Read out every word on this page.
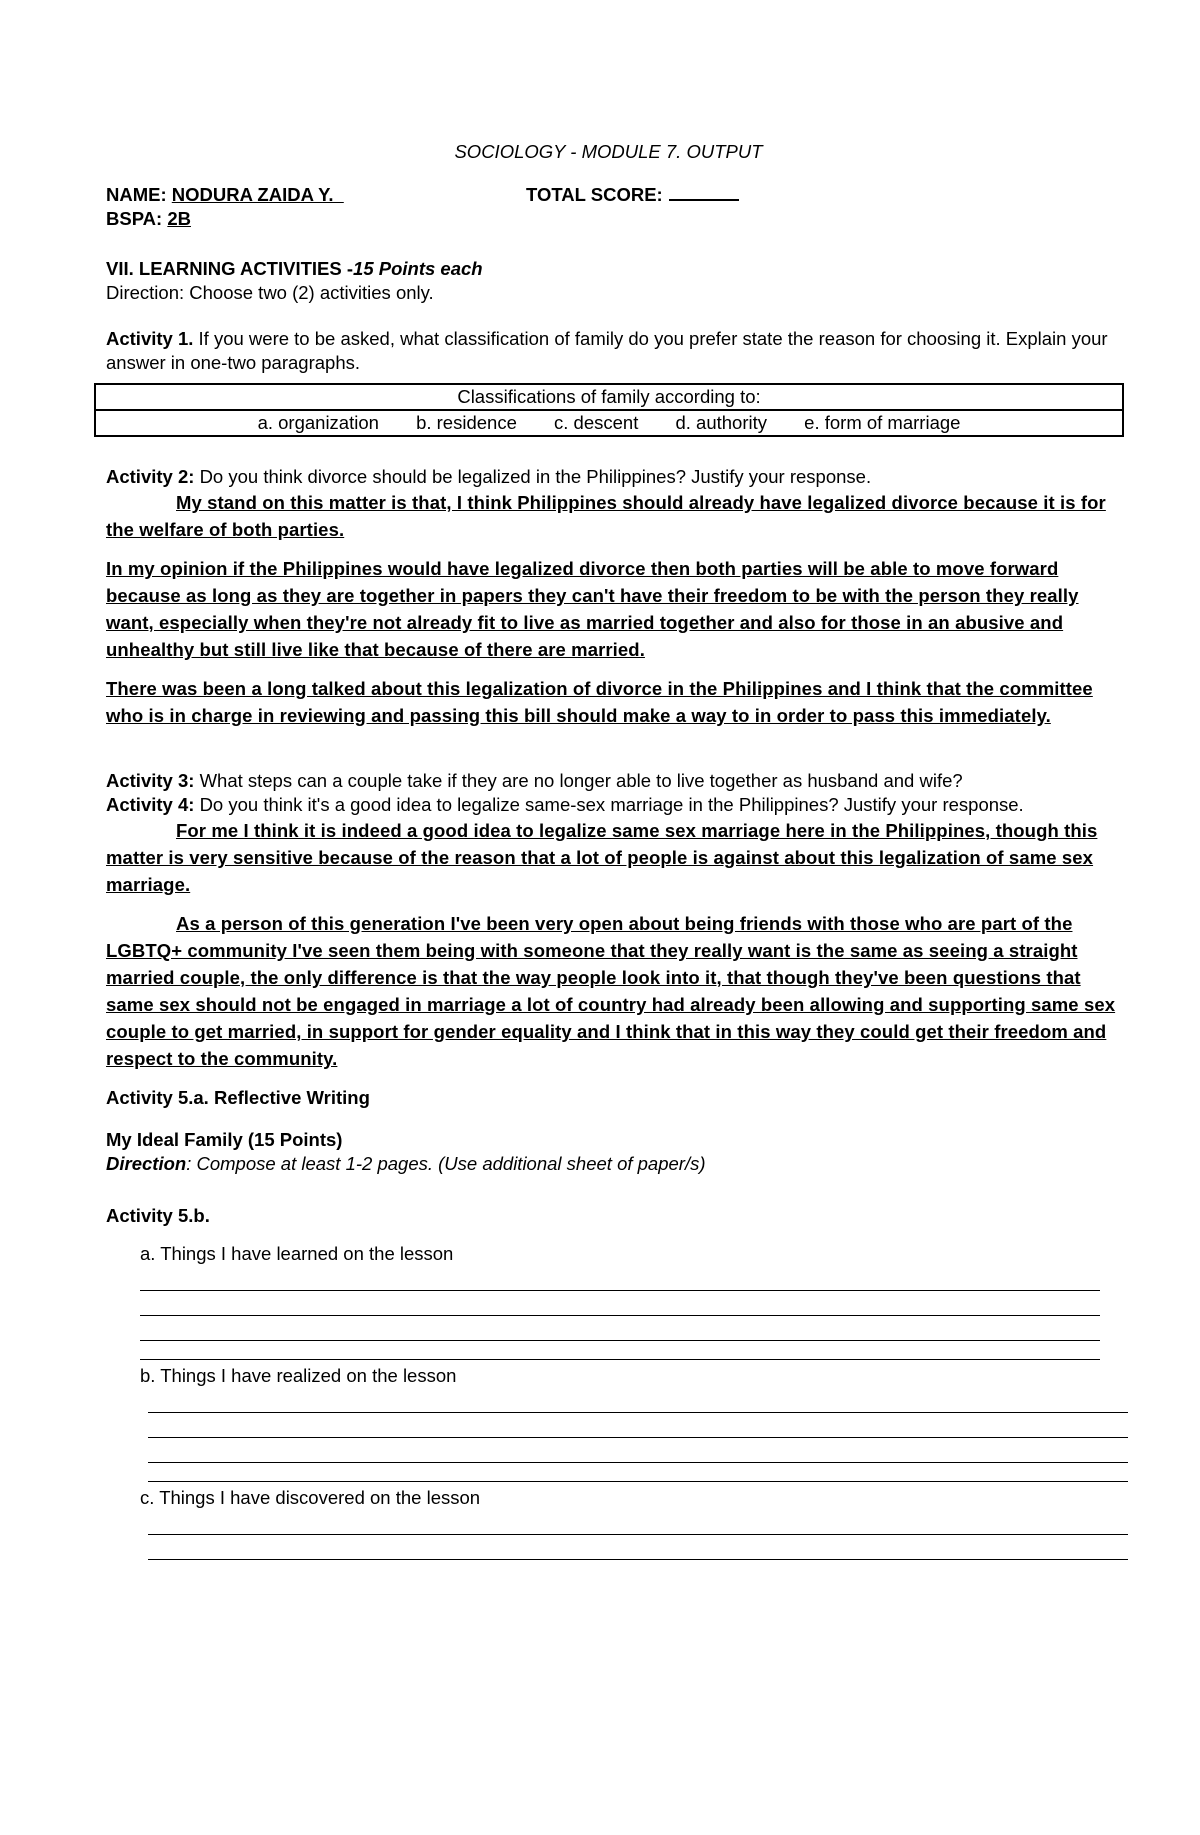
SOCIOLOGY - MODULE 7. OUTPUT
NAME: NODURA ZAIDA Y.	TOTAL SCORE:
BSPA: 2B
VII. LEARNING ACTIVITIES -15 Points each

Direction: Choose two (2) activities only.

Activity 1. If you were to be asked, what classification of family do you prefer state the reason for choosing it. Explain your answer in one-two paragraphs.
Classifications of family according to:
a. organization b. residence c. descent d. authority e. form of marriage
Activity 2: Do you think divorce should be legalized in the Philippines? Justify your response.

My stand on this matter is that, I think Philippines should already have legalized divorce because it is for the welfare of both parties.

In my opinion if the Philippines would have legalized divorce then both parties will be able to move forward because as long as they are together in papers they can't have their freedom to be with the person they really want, especially when they're not already fit to live as married together and also for those in an abusive and unhealthy but still live like that because of there are married.

There was been a long talked about this legalization of divorce in the Philippines and I think that the committee who is in charge in reviewing and passing this bill should make a way to in order to pass this immediately.

Activity 3: What steps can a couple take if they are no longer able to live together as husband and wife?

Activity 4: Do you think it's a good idea to legalize same-sex marriage in the Philippines? Justify your response.

For me I think it is indeed a good idea to legalize same sex marriage here in the Philippines, though this matter is very sensitive because of the reason that a lot of people is against about this legalization of same sex marriage.

As a person of this generation I've been very open about being friends with those who are part of the LGBTQ+ community I've seen them being with someone that they really want is the same as seeing a straight married couple, the only difference is that the way people look into it, that though they've been questions that same sex should not be engaged in marriage a lot of country had already been allowing and supporting same sex couple to get married, in support for gender equality and I think that in this way they could get their freedom and respect to the community.

Activity 5.a. Reflective Writing
My Ideal Family (15 Points)

Direction: Compose at least 1-2 pages. (Use additional sheet of paper/s)

Activity 5.b.
a. Things I have learned on the lesson
b. Things I have realized on the lesson
c. Things I have discovered on the lesson
